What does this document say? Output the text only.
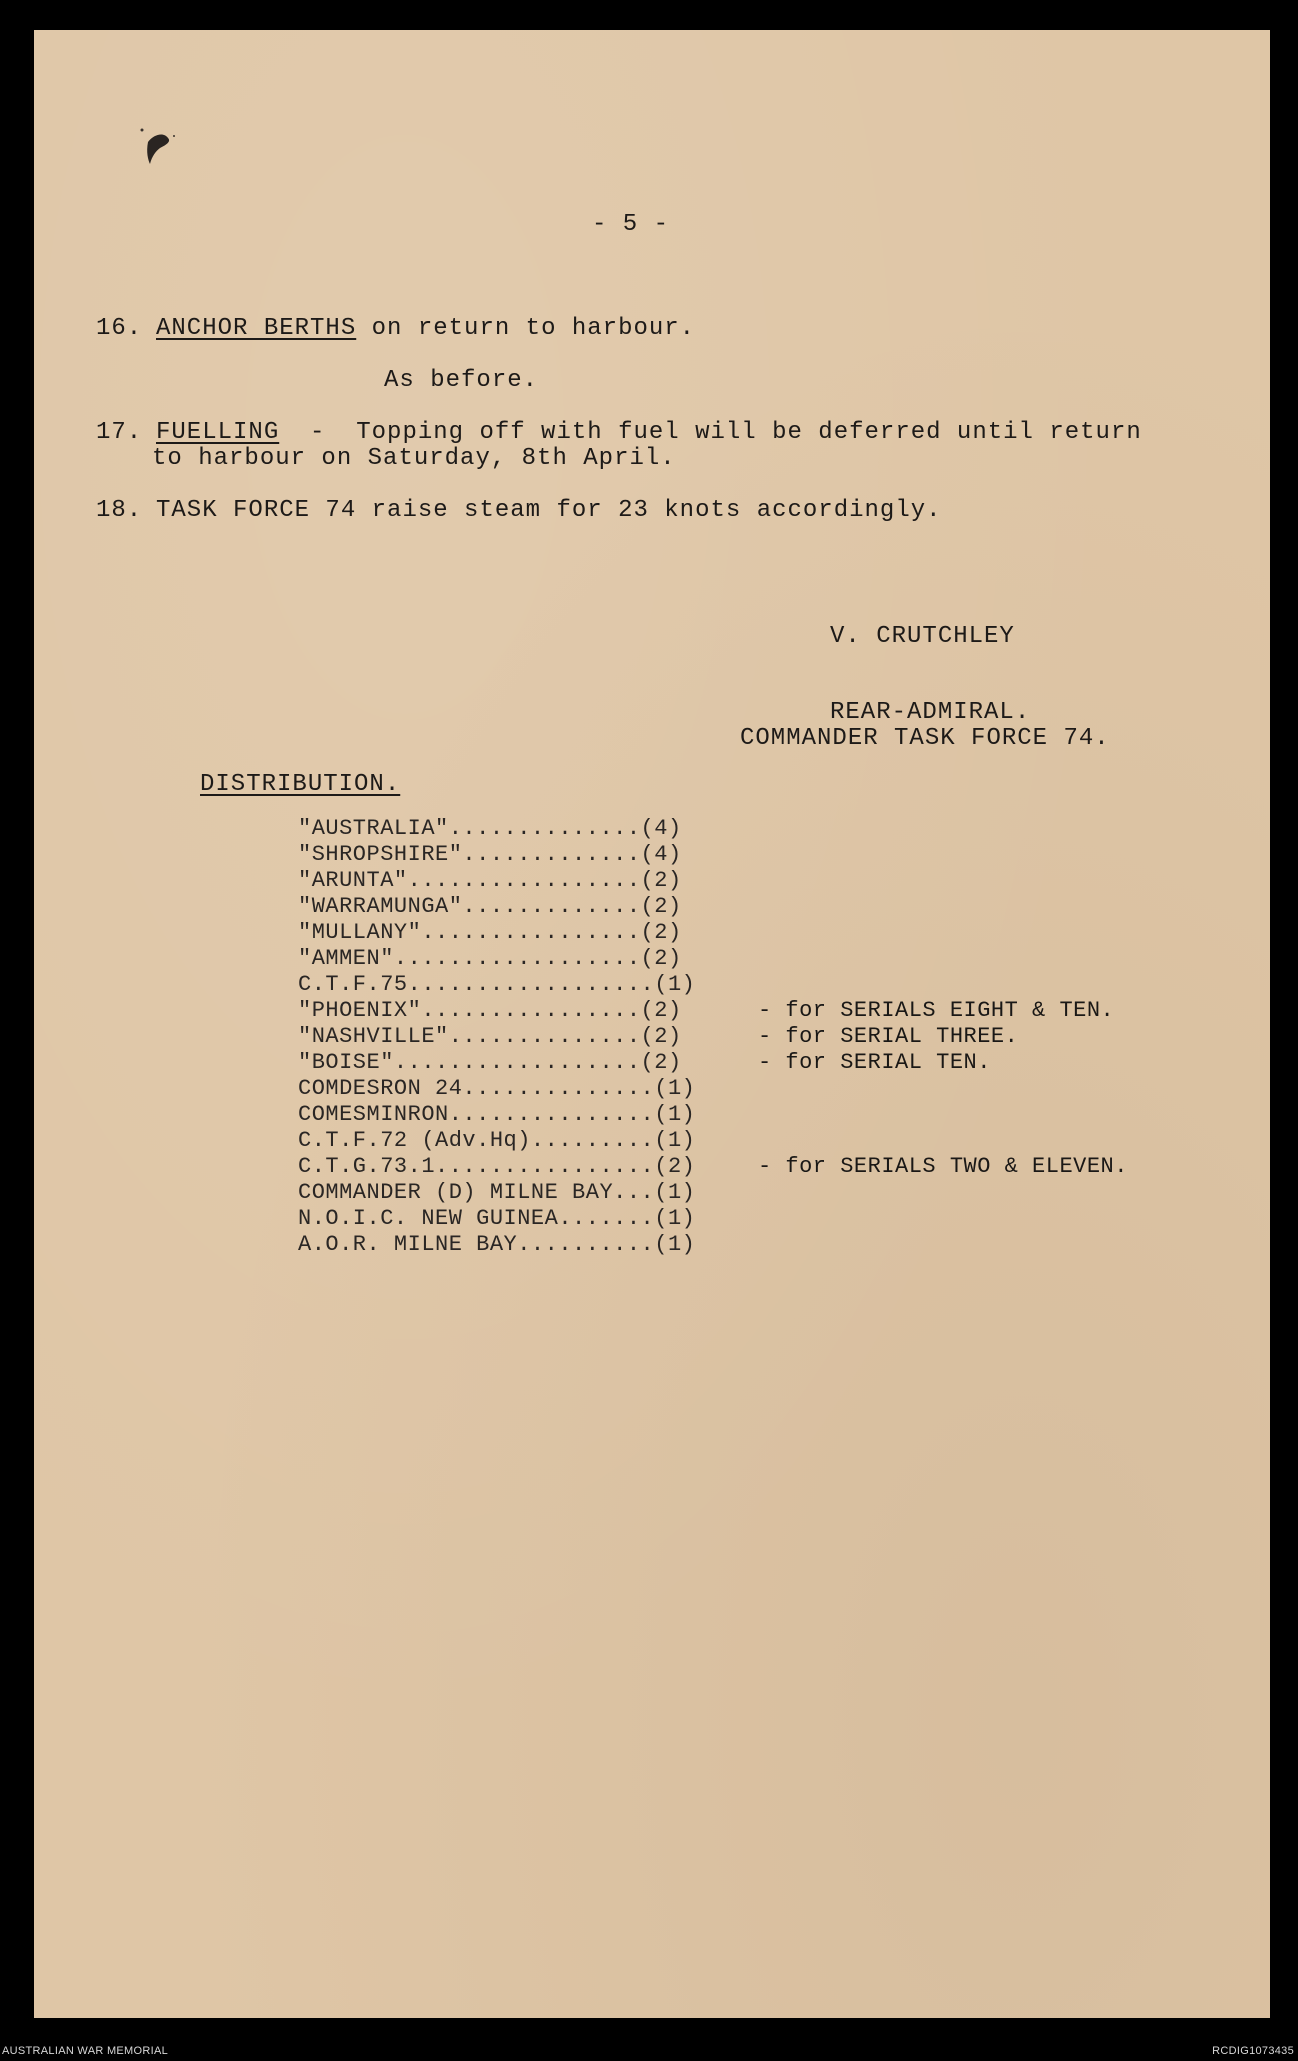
- 5 -
16. ANCHOR BERTHS on return to harbour.
As before.
17. FUELLING  -  Topping off with fuel will be deferred until return
to harbour on Saturday, 8th April.
18. TASK FORCE 74 raise steam for 23 knots accordingly.
V. CRUTCHLEY
REAR-ADMIRAL.
COMMANDER TASK FORCE 74.
DISTRIBUTION.
"AUSTRALIA"..............(4)
"SHROPSHIRE".............(4)
"ARUNTA".................(2)
"WARRAMUNGA".............(2)
"MULLANY"................(2)
"AMMEN"..................(2)
C.T.F.75..................(1)
"PHOENIX"................(2)	- for SERIALS EIGHT & TEN.
"NASHVILLE"..............(2)	- for SERIAL THREE.
"BOISE"..................(2)	- for SERIAL TEN.
COMDESRON 24..............(1)
COMESMINRON...............(1)
C.T.F.72 (Adv.Hq).........(1)
C.T.G.73.1................(2)	- for SERIALS TWO & ELEVEN.
COMMANDER (D) MILNE BAY...(1)
N.O.I.C. NEW GUINEA.......(1)
A.O.R. MILNE BAY..........(1)
AUSTRALIAN WAR MEMORIAL	RCDIG1073435
